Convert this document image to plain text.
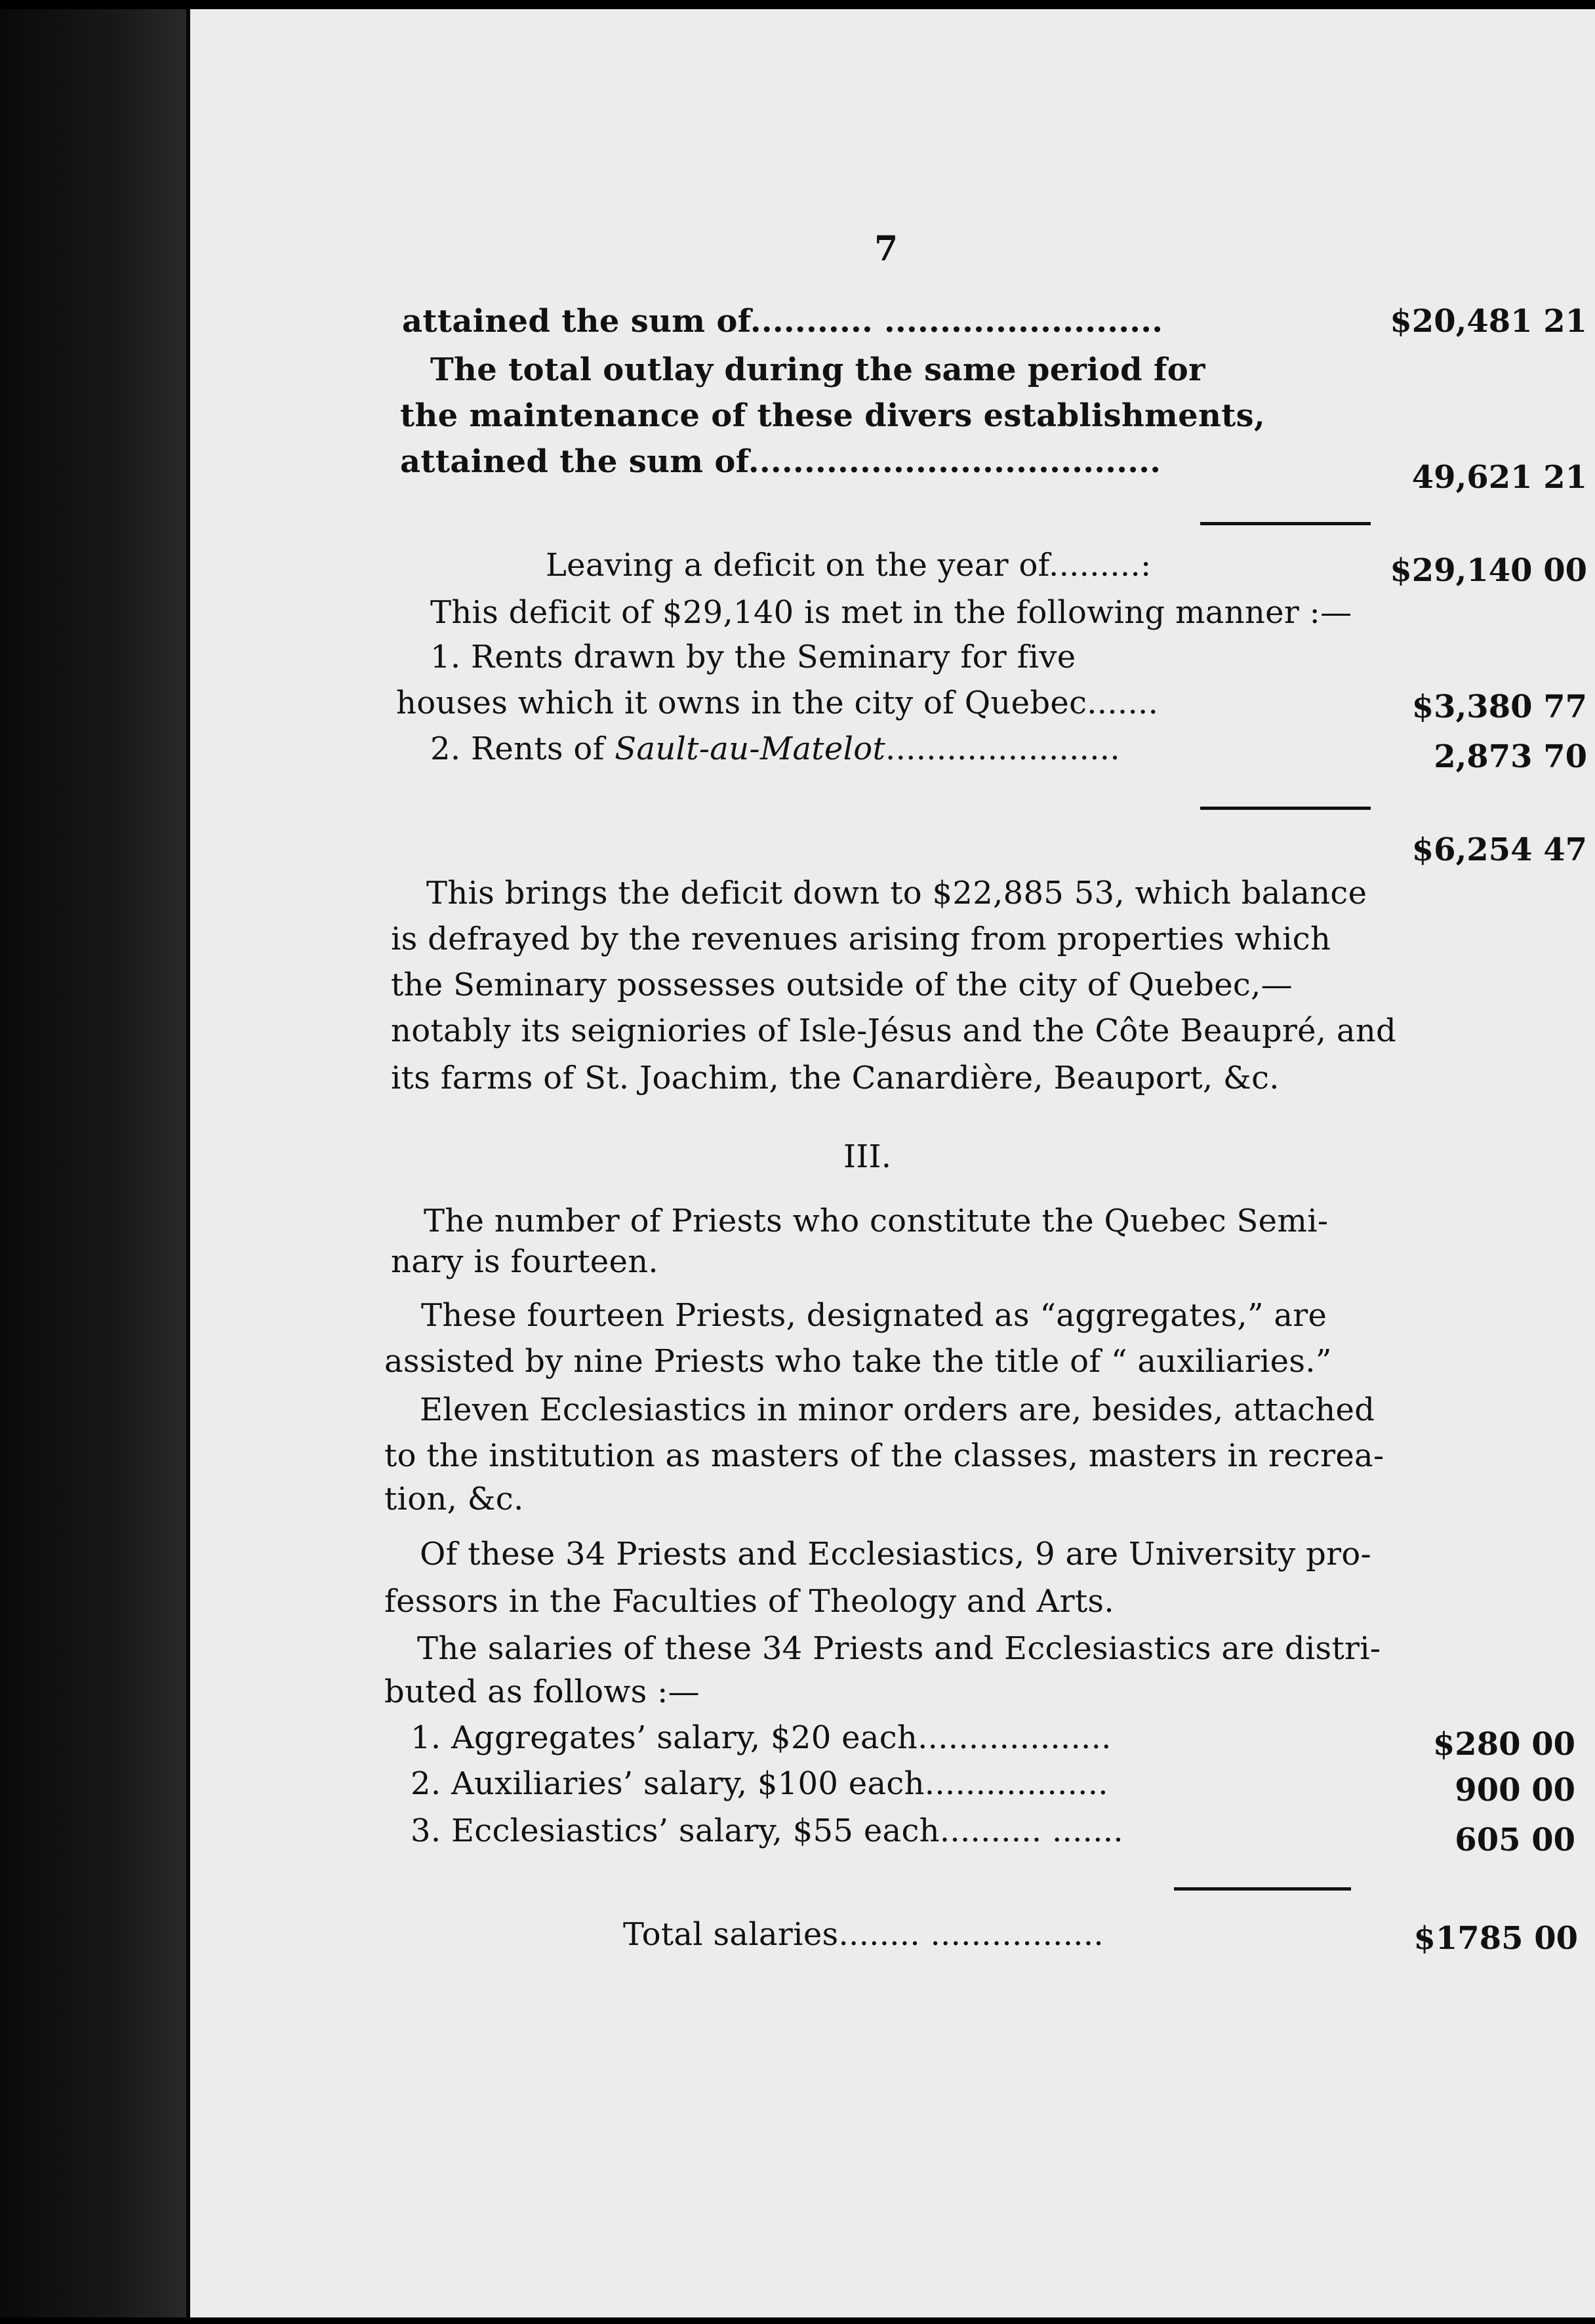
7
attained the sum of........... .........................	$20,481 21
The total outlay during the same period for
the maintenance of these divers establishments,
attained the sum of.....................................	49,621 21
Leaving a deficit on the year of.........:	$29,140 00
This deficit of $29,140 is met in the following manner :—
1. Rents drawn by the Seminary for five
houses which it owns in the city of Quebec.......	$3,380 77
2. Rents of Sault-au-Matelot.......................	2,873 70
$6,254 47
This brings the deficit down to $22,885 53, which balance
is defrayed by the revenues arising from properties which
the Seminary possesses outside of the city of Quebec,—
notably its seigniories of Isle-Jésus and the Côte Beaupré, and
its farms of St. Joachim, the Canardière, Beauport, &c.
III.
The number of Priests who constitute the Quebec Semi-
nary is fourteen.
These fourteen Priests, designated as “aggregates,” are
assisted by nine Priests who take the title of “ auxiliaries.”
Eleven Ecclesiastics in minor orders are, besides, attached
to the institution as masters of the classes, masters in recrea-
tion, &c.
Of these 34 Priests and Ecclesiastics, 9 are University pro-
fessors in the Faculties of Theology and Arts.
The salaries of these 34 Priests and Ecclesiastics are distri-
buted as follows :—
1. Aggregates’ salary, $20 each...................	$280 00
2. Auxiliaries’ salary, $100 each..................	900 00
3. Ecclesiastics’ salary, $55 each.......... .......	605 00
Total salaries........ .................	$1785 00
